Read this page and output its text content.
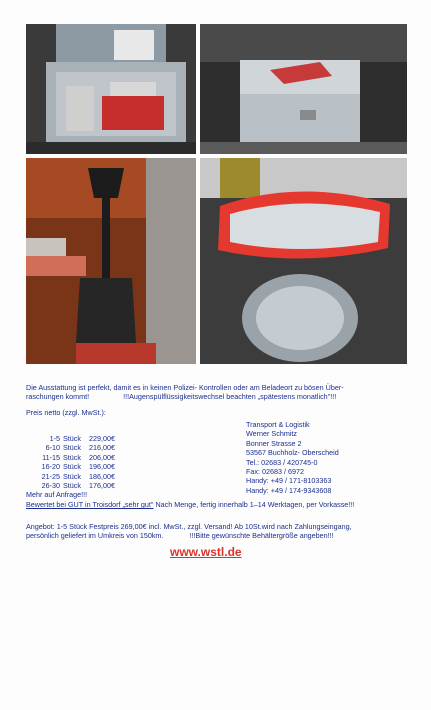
Die Ausstattung ist perfekt, damit es in keinen Polizei- Kontrollen oder am Beladeort zu bösen Über-
raschungen kommt!	!!!Augenspülflüssigkeitswechsel beachten „spätestens monatlich"!!!
Preis netto (zzgl. MwSt.):
1-5 Stück	229,00€
6-10 Stück	216,00€
11-15 Stück	206,00€
16-20 Stück	196,00€
21-25 Stück	186,00€
26-30 Stück	176,00€
Mehr auf Anfrage!!!
Transport & Logistik
Werner Schmitz
Bonner Strasse 2
53567 Buchholz- Oberscheid
Tel.: 02683 / 420745-0
Fax: 02683 / 6972
Handy: +49 / 171-8103363
Handy: +49 / 174-9343608
Bewertet bei GUT in Troisdorf „sehr gut" Nach Menge, fertig innerhalb 1–14 Werktagen, per Vorkasse!!!
Angebot: 1-5 Stück Festpreis 269,00€ incl. MwSt., zzgl. Versand! Ab 10St.wird nach Zahlungseingang,
persönlich geliefert im Umkreis von 150km.	!!!Bitte gewünschte Behältergröße angeben!!!
www.wstl.de
